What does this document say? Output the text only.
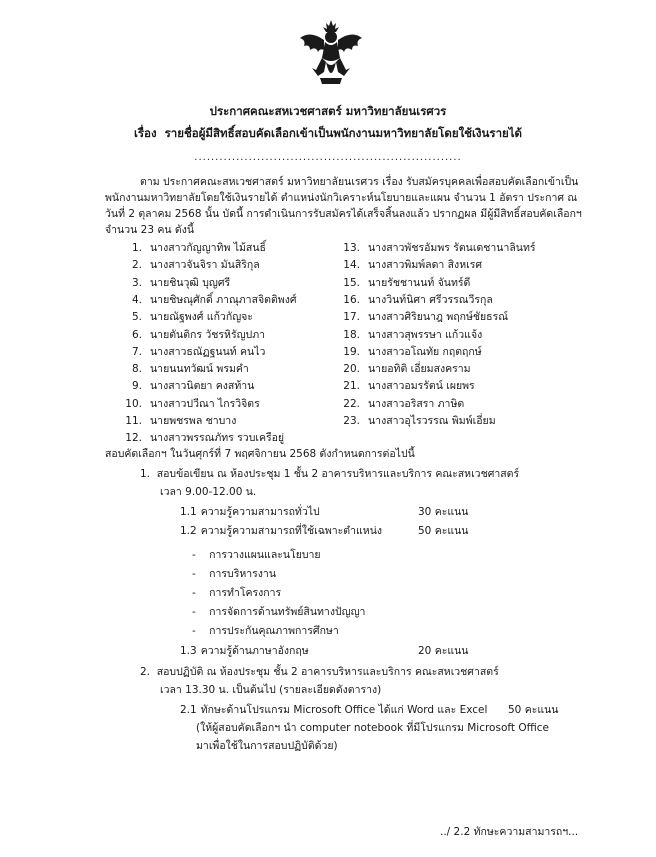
ประกาศคณะสหเวชศาสตร์ มหาวิทยาลัยนเรศวร
เรื่อง รายชื่อผู้มีสิทธิ์สอบคัดเลือกเข้าเป็นพนักงานมหาวิทยาลัยโดยใช้เงินรายได้
................................................................
ตาม ประกาศคณะสหเวชศาสตร์ มหาวิทยาลัยนเรศวร เรื่อง รับสมัครบุคคลเพื่อสอบคัดเลือกเข้าเป็น
พนักงานมหาวิทยาลัยโดยใช้เงินรายได้ ตำแหน่งนักวิเคราะห์นโยบายและแผน จำนวน 1 อัตรา ประกาศ ณ
วันที่ 2 ตุลาคม 2568 นั้น บัดนี้ การดำเนินการรับสมัครได้เสร็จสิ้นลงแล้ว ปรากฏผล มีผู้มีสิทธิ์สอบคัดเลือกฯ
จำนวน 23 คน ดังนี้
1. นางสาวกัญญาทิพ ไม้สนธิ์
2. นางสาวจันจิรา มันสิริกุล
3. นายชินวุฒิ บุญศรี
4. นายชิษณุศักดิ์ ภาณุภาสจิตติพงศ์
5. นายณัฐพงศ์ แก้วกัญจะ
6. นายตันติกร วัชรหิรัญปภา
7. นางสาวธณัฏฐนนท์ คนไว
8. นายนนทวัฒน์ พรมคำ
9. นางสาวนิตยา คงสท้าน
10. นางสาวปวีณา ไกรวิจิตร
11. นายพชรพล ชาบาง
12. นางสาวพรรณภัทร รวบเครือยู่
13. นางสาวพัชรอัมพร รัตนเดชานาลินทร์
14. นางสาวพิมพ์ลดา สิงหเรศ
15. นายรัชชานนท์ จันทร์ดี
16. นางวินท์นิศา ศรีวรรณวีรกุล
17. นางสาวศิริยนาฎ พฤกษ์ชัยธรณ์
18. นางสาวสุพรรษา แก้วแจ้ง
19. นางสาวอโณทัย กฤตฤกษ์
20. นายอทิติ เอี่ยมสงคราม
21. นางสาวอมรรัตน์ เผยพร
22. นางสาวอริสรา ภาษิต
23. นางสาวอุไรวรรณ พิมพ์เอี่ยม
สอบคัดเลือกฯ ในวันศุกร์ที่ 7 พฤศจิกายน 2568 ดังกำหนดการต่อไปนี้
1. สอบข้อเขียน ณ ห้องประชุม 1 ชั้น 2 อาคารบริหารและบริการ คณะสหเวชศาสตร์
เวลา 9.00-12.00 น.
1.1 ความรู้ความสามารถทั่วไป	30 คะแนน
1.2 ความรู้ความสามารถที่ใช้เฉพาะตำแหน่ง	50 คะแนน
-    การวางแผนและนโยบาย
-    การบริหารงาน
-    การทำโครงการ
-    การจัดการด้านทรัพย์สินทางปัญญา
-    การประกันคุณภาพการศึกษา
1.3 ความรู้ด้านภาษาอังกฤษ	20 คะแนน
2. สอบปฏิบัติ ณ ห้องประชุม ชั้น 2 อาคารบริหารและบริการ คณะสหเวชศาสตร์
เวลา 13.30 น. เป็นต้นไป (รายละเอียดดังตาราง)
2.1 ทักษะด้านโปรแกรม Microsoft Office ได้แก่ Word และ Excel 50 คะแนน
(ให้ผู้สอบคัดเลือกฯ นำ computer notebook ที่มีโปรแกรม Microsoft Office
มาเพื่อใช้ในการสอบปฏิบัติด้วย)
../ 2.2 ทักษะความสามารถฯ...
